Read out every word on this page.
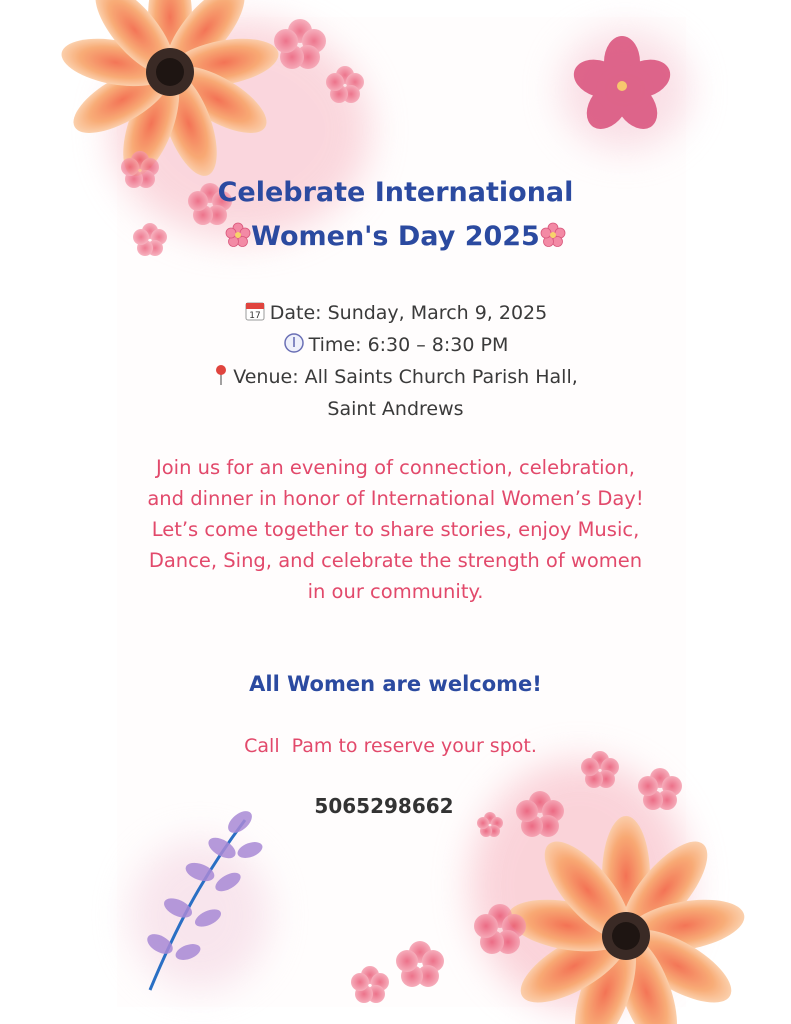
Celebrate International
Women's Day 2025

17 Date: Sunday, March 9, 2025

Time: 6:30 – 8:30 PM

Venue: All Saints Church Parish Hall,

Saint Andrews

Join us for an evening of connection, celebration, and dinner in honor of International Women’s Day! Let’s come together to share stories, enjoy Music, Dance, Sing, and celebrate the strength of women in our community.

All Women are welcome!

Call  Pam to reserve your spot.

5065298662
